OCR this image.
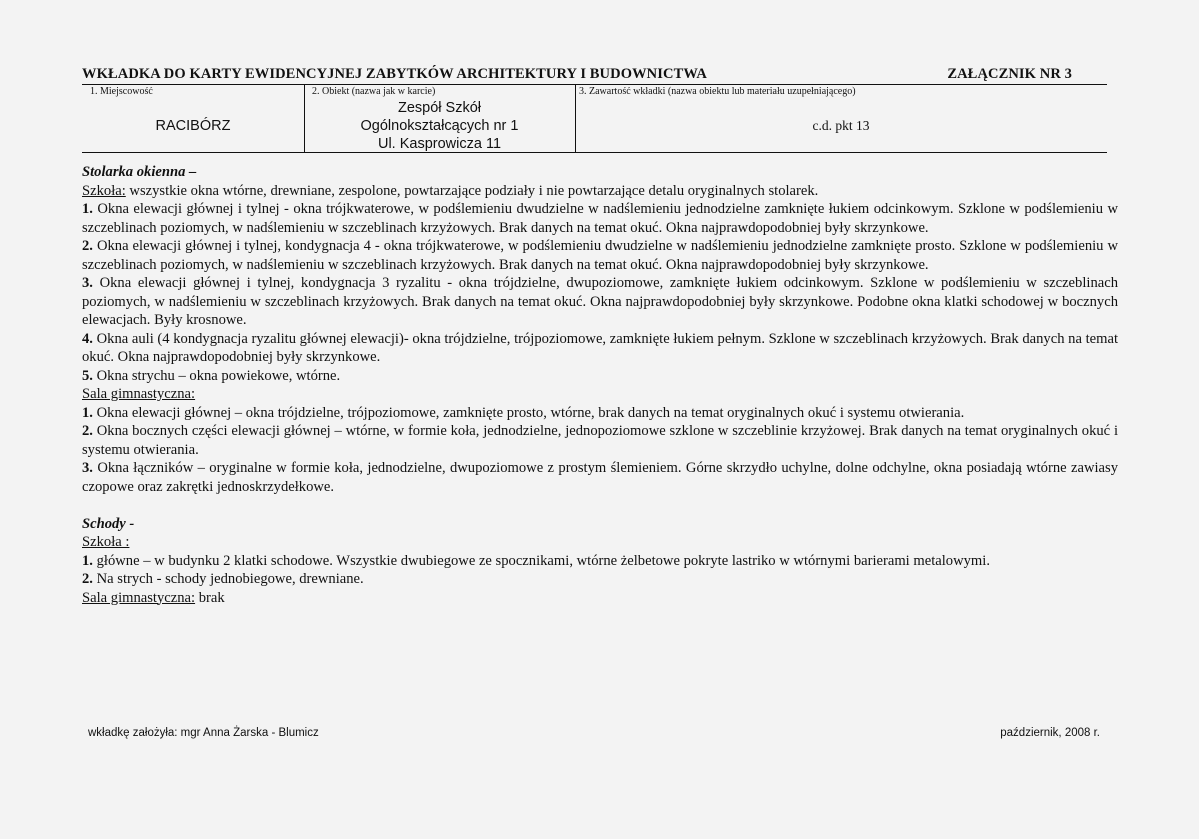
WKŁADKA DO KARTY EWIDENCYJNEJ ZABYTKÓW ARCHITEKTURY I BUDOWNICTWA	ZAŁĄCZNIK NR 3
1. Miejscowość
RACIBÓRZ
2. Obiekt (nazwa jak w karcie)
Zespół Szkół
Ogólnokształcących nr 1
Ul. Kasprowicza 11
3. Zawartość wkładki (nazwa obiektu lub materiału uzupełniającego)
c.d. pkt 13

Stolarka okienna –

Szkoła: wszystkie okna wtórne, drewniane, zespolone, powtarzające podziały i nie powtarzające detalu oryginalnych stolarek.

1. Okna elewacji głównej i tylnej - okna trójkwaterowe, w podślemieniu dwudzielne w nadślemieniu jednodzielne zamknięte łukiem odcinkowym. Szklone w podślemieniu w szczeblinach poziomych, w nadślemieniu w szczeblinach krzyżowych. Brak danych na temat okuć. Okna najprawdopodobniej były skrzynkowe.

2. Okna elewacji głównej i tylnej, kondygnacja 4 - okna trójkwaterowe, w podślemieniu dwudzielne w nadślemieniu jednodzielne zamknięte prosto. Szklone w podślemieniu w szczeblinach poziomych, w nadślemieniu w szczeblinach krzyżowych. Brak danych na temat okuć. Okna najprawdopodobniej były skrzynkowe.

3. Okna elewacji głównej i tylnej, kondygnacja 3 ryzalitu - okna trójdzielne, dwupoziomowe, zamknięte łukiem odcinkowym. Szklone w podślemieniu w szczeblinach poziomych, w nadślemieniu w szczeblinach krzyżowych. Brak danych na temat okuć. Okna najprawdopodobniej były skrzynkowe. Podobne okna klatki schodowej w bocznych elewacjach. Były krosnowe.

4. Okna auli (4 kondygnacja ryzalitu głównej elewacji)- okna trójdzielne, trójpoziomowe, zamknięte łukiem pełnym. Szklone w szczeblinach krzyżowych. Brak danych na temat okuć. Okna najprawdopodobniej były skrzynkowe.

5. Okna strychu – okna powiekowe, wtórne.

Sala gimnastyczna:

1. Okna elewacji głównej – okna trójdzielne, trójpoziomowe, zamknięte prosto, wtórne, brak danych na temat oryginalnych okuć i systemu otwierania.

2. Okna bocznych części elewacji głównej – wtórne, w formie koła, jednodzielne, jednopoziomowe szklone w szczeblinie krzyżowej. Brak danych na temat oryginalnych okuć i systemu otwierania.

3. Okna łączników – oryginalne w formie koła, jednodzielne, dwupoziomowe z prostym ślemieniem. Górne skrzydło uchylne, dolne odchylne, okna posiadają wtórne zawiasy czopowe oraz zakrętki jednoskrzydełkowe.

Schody -

Szkoła :

1. główne – w budynku 2 klatki schodowe. Wszystkie dwubiegowe ze spocznikami, wtórne żelbetowe pokryte lastriko w wtórnymi barierami metalowymi.

2. Na strych - schody jednobiegowe, drewniane.

Sala gimnastyczna: brak

wkładkę założyła: mgr Anna Żarska - Blumicz	październik, 2008 r.
